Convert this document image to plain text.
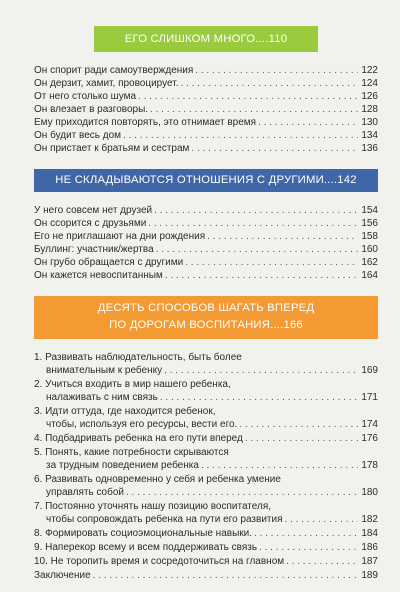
ЕГО СЛИШКОМ МНОГО....110
Он спорит ради самоутверждения . . .	122
Он дерзит, хамит, провоцирует. . . .	124
От него столько шума . . .	126
Он влезает в разговоры. . . .	128
Ему приходится повторять, это отнимает время . . .	130
Он будит весь дом . . .	134
Он пристает к братьям и сестрам . . .	136
НЕ СКЛАДЫВАЮТСЯ ОТНОШЕНИЯ С ДРУГИМИ....142
У него совсем нет друзей . . .	154
Он ссорится с друзьями . . .	156
Его не приглашают на дни рождения . . .	158
Буллинг: участник/жертва . . .	160
Он грубо обращается с другими . . .	162
Он кажется невоспитанным . . .	164
ДЕСЯТЬ СПОСОБОВ ШАГАТЬ ВПЕРЕД
ПО ДОРОГАМ ВОСПИТАНИЯ....166
1. Развивать наблюдательность, быть более
внимательным к ребенку . . .	169
2. Учиться входить в мир нашего ребенка,
налаживать с ним связь . . .	171
3. Идти оттуда, где находится ребенок,
чтобы, используя его ресурсы, вести его. . . .	174
4. Подбадривать ребенка на его пути вперед . . .	176
5. Понять, какие потребности скрываются
за трудным поведением ребенка . . .	178
6. Развивать одновременно у себя и ребенка умение
управлять собой . . .	180
7. Постоянно уточнять нашу позицию воспитателя,
чтобы сопровождать ребенка на пути его развития . . .	182
8. Формировать социоэмоциональные навыки. . . .	184
9. Наперекор всему и всем поддерживать связь . . .	186
10. Не торопить время и сосредоточиться на главном . . .	187
Заключение . . .	189
